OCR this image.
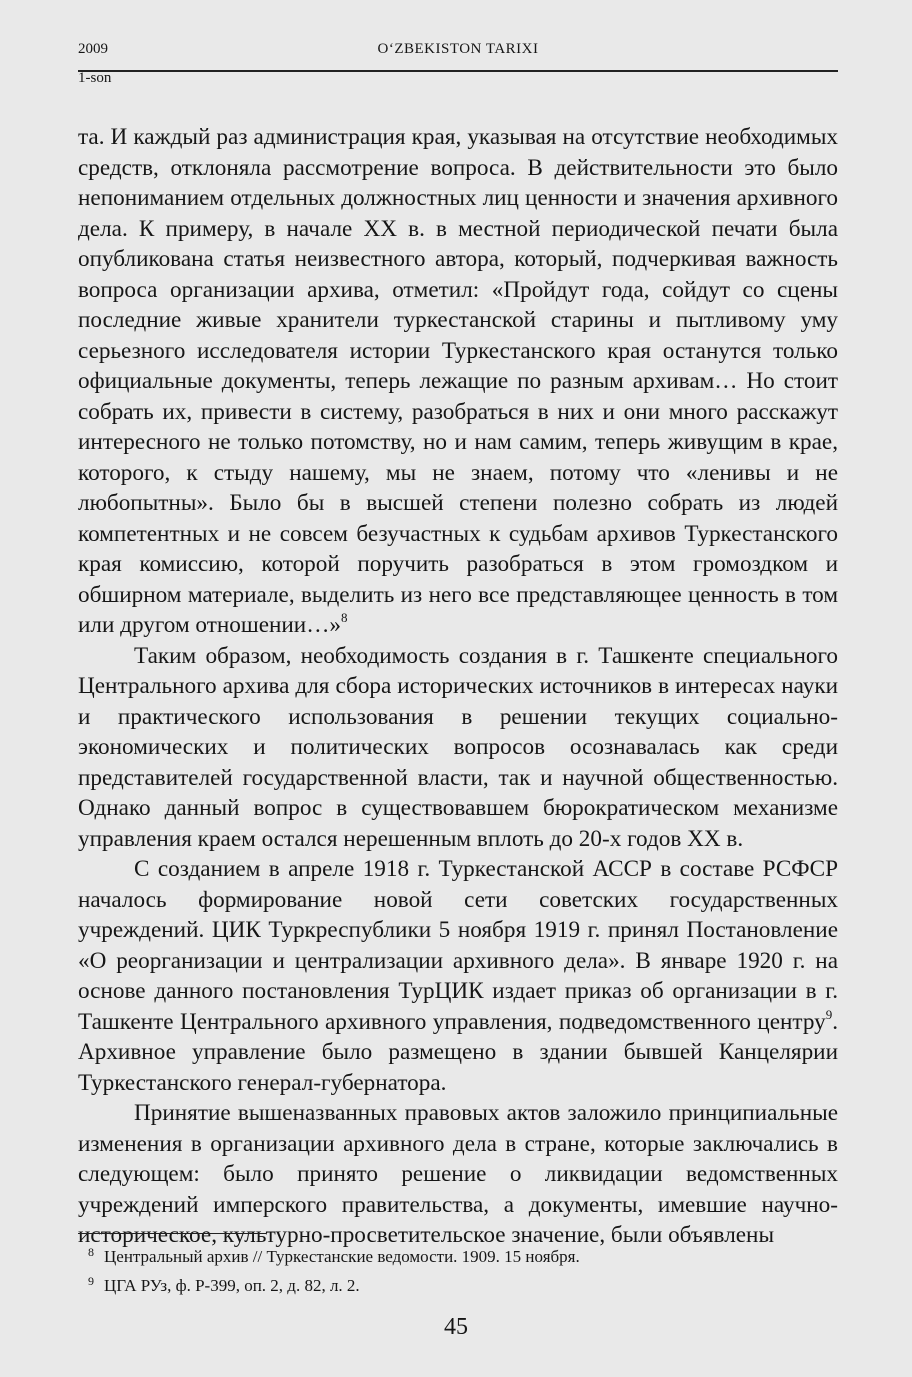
2009	O‘ZBEKISTON TARIXI
1-son

та. И каждый раз администрация края, указывая на отсутствие необходимых средств, отклоняла рассмотрение вопроса. В действительности это было непониманием отдельных должностных лиц ценности и значения архивного дела. К примеру, в начале XX в. в местной периодической печати была опубликована статья неизвестного автора, который, подчеркивая важность вопроса организации архива, отметил: «Пройдут года, сойдут со сцены последние живые хранители туркестанской старины и пытливому уму серьезного исследователя истории Туркестанского края останутся только официальные документы, теперь лежащие по разным архивам… Но стоит собрать их, привести в систему, разобраться в них и они много расскажут интересного не только потомству, но и нам самим, теперь живущим в крае, которого, к стыду нашему, мы не знаем, потому что «ленивы и не любопытны». Было бы в высшей степени полезно собрать из людей компетентных и не совсем безучастных к судьбам архивов Туркестанского края комиссию, которой поручить разобраться в этом громоздком и обширном материале, выделить из него все представляющее ценность в том или другом отношении…»$^8$

Таким образом, необходимость создания в г. Ташкенте специального Центрального архива для сбора исторических источников в интересах науки и практического использования в решении текущих социально-экономических и политических вопросов осознавалась как среди представителей государственной власти, так и научной общественностью. Однако данный вопрос в существовавшем бюрократическом механизме управления краем остался нерешенным вплоть до 20-х годов XX в.

С созданием в апреле 1918 г. Туркестанской АССР в составе РСФСР началось формирование новой сети советских государственных учреждений. ЦИК Туркреспублики 5 ноября 1919 г. принял Постановление «О реорганизации и централизации архивного дела». В январе 1920 г. на основе данного постановления ТурЦИК издает приказ об организации в г. Ташкенте Центрального архивного управления, подведомственного центру$^9$. Архивное управление было размещено в здании бывшей Канцелярии Туркестанского генерал-губернатора.

Принятие вышеназванных правовых актов заложило принципиальные изменения в организации архивного дела в стране, которые заключались в следующем: было принято решение о ликвидации ведомственных учреждений имперского правительства, а документы, имевшие научно-историческое, культурно-просветительское значение, были объявлены

8 Центральный архив // Туркестанские ведомости. 1909. 15 ноября.
9 ЦГА РУз, ф. Р-399, оп. 2, д. 82, л. 2.
45
